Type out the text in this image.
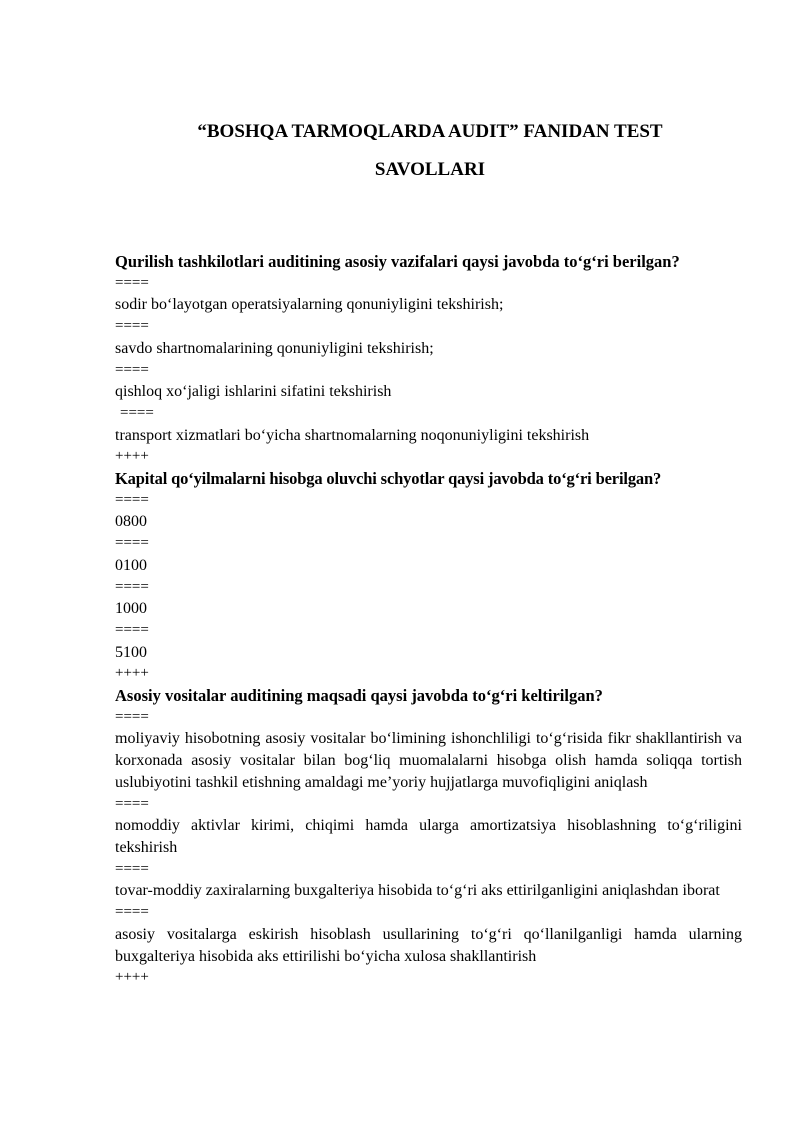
“BOSHQA TARMOQLARDA AUDIT” FANIDAN TEST
SAVOLLARI
Qurilish tashkilotlari auditining asosiy vazifalari qaysi javobda to‘g‘ri berilgan?
====
sodir bo‘layotgan operatsiyalarning qonuniyligini tekshirish;
====
savdo shartnomalarining qonuniyligini tekshirish;
====
qishloq xo‘jaligi ishlarini sifatini tekshirish
====
transport xizmatlari bo‘yicha shartnomalarning noqonuniyligini tekshirish
++++
Kapital qo‘yilmalarni hisobga oluvchi schyotlar qaysi javobda to‘g‘ri berilgan?
====
0800
====
0100
====
1000
====
5100
++++
Asosiy vositalar auditining maqsadi qaysi javobda to‘g‘ri keltirilgan?
====
moliyaviy hisobotning asosiy vositalar bo‘limining ishonchliligi to‘g‘risida fikr shakllantirish va korxonada asosiy vositalar bilan bog‘liq muomalalarni hisobga olish hamda soliqqa tortish uslubiyotini tashkil etishning amaldagi me’yoriy hujjatlarga muvofiqligini aniqlash
====
nomoddiy aktivlar kirimi, chiqimi hamda ularga amortizatsiya hisoblashning to‘g‘riligini tekshirish
====
tovar-moddiy zaxiralarning buxgalteriya hisobida to‘g‘ri aks ettirilganligini aniqlashdan iborat
====
asosiy vositalarga eskirish hisoblash usullarining to‘g‘ri qo‘llanilganligi hamda ularning buxgalteriya hisobida aks ettirilishi bo‘yicha xulosa shakllantirish
++++
